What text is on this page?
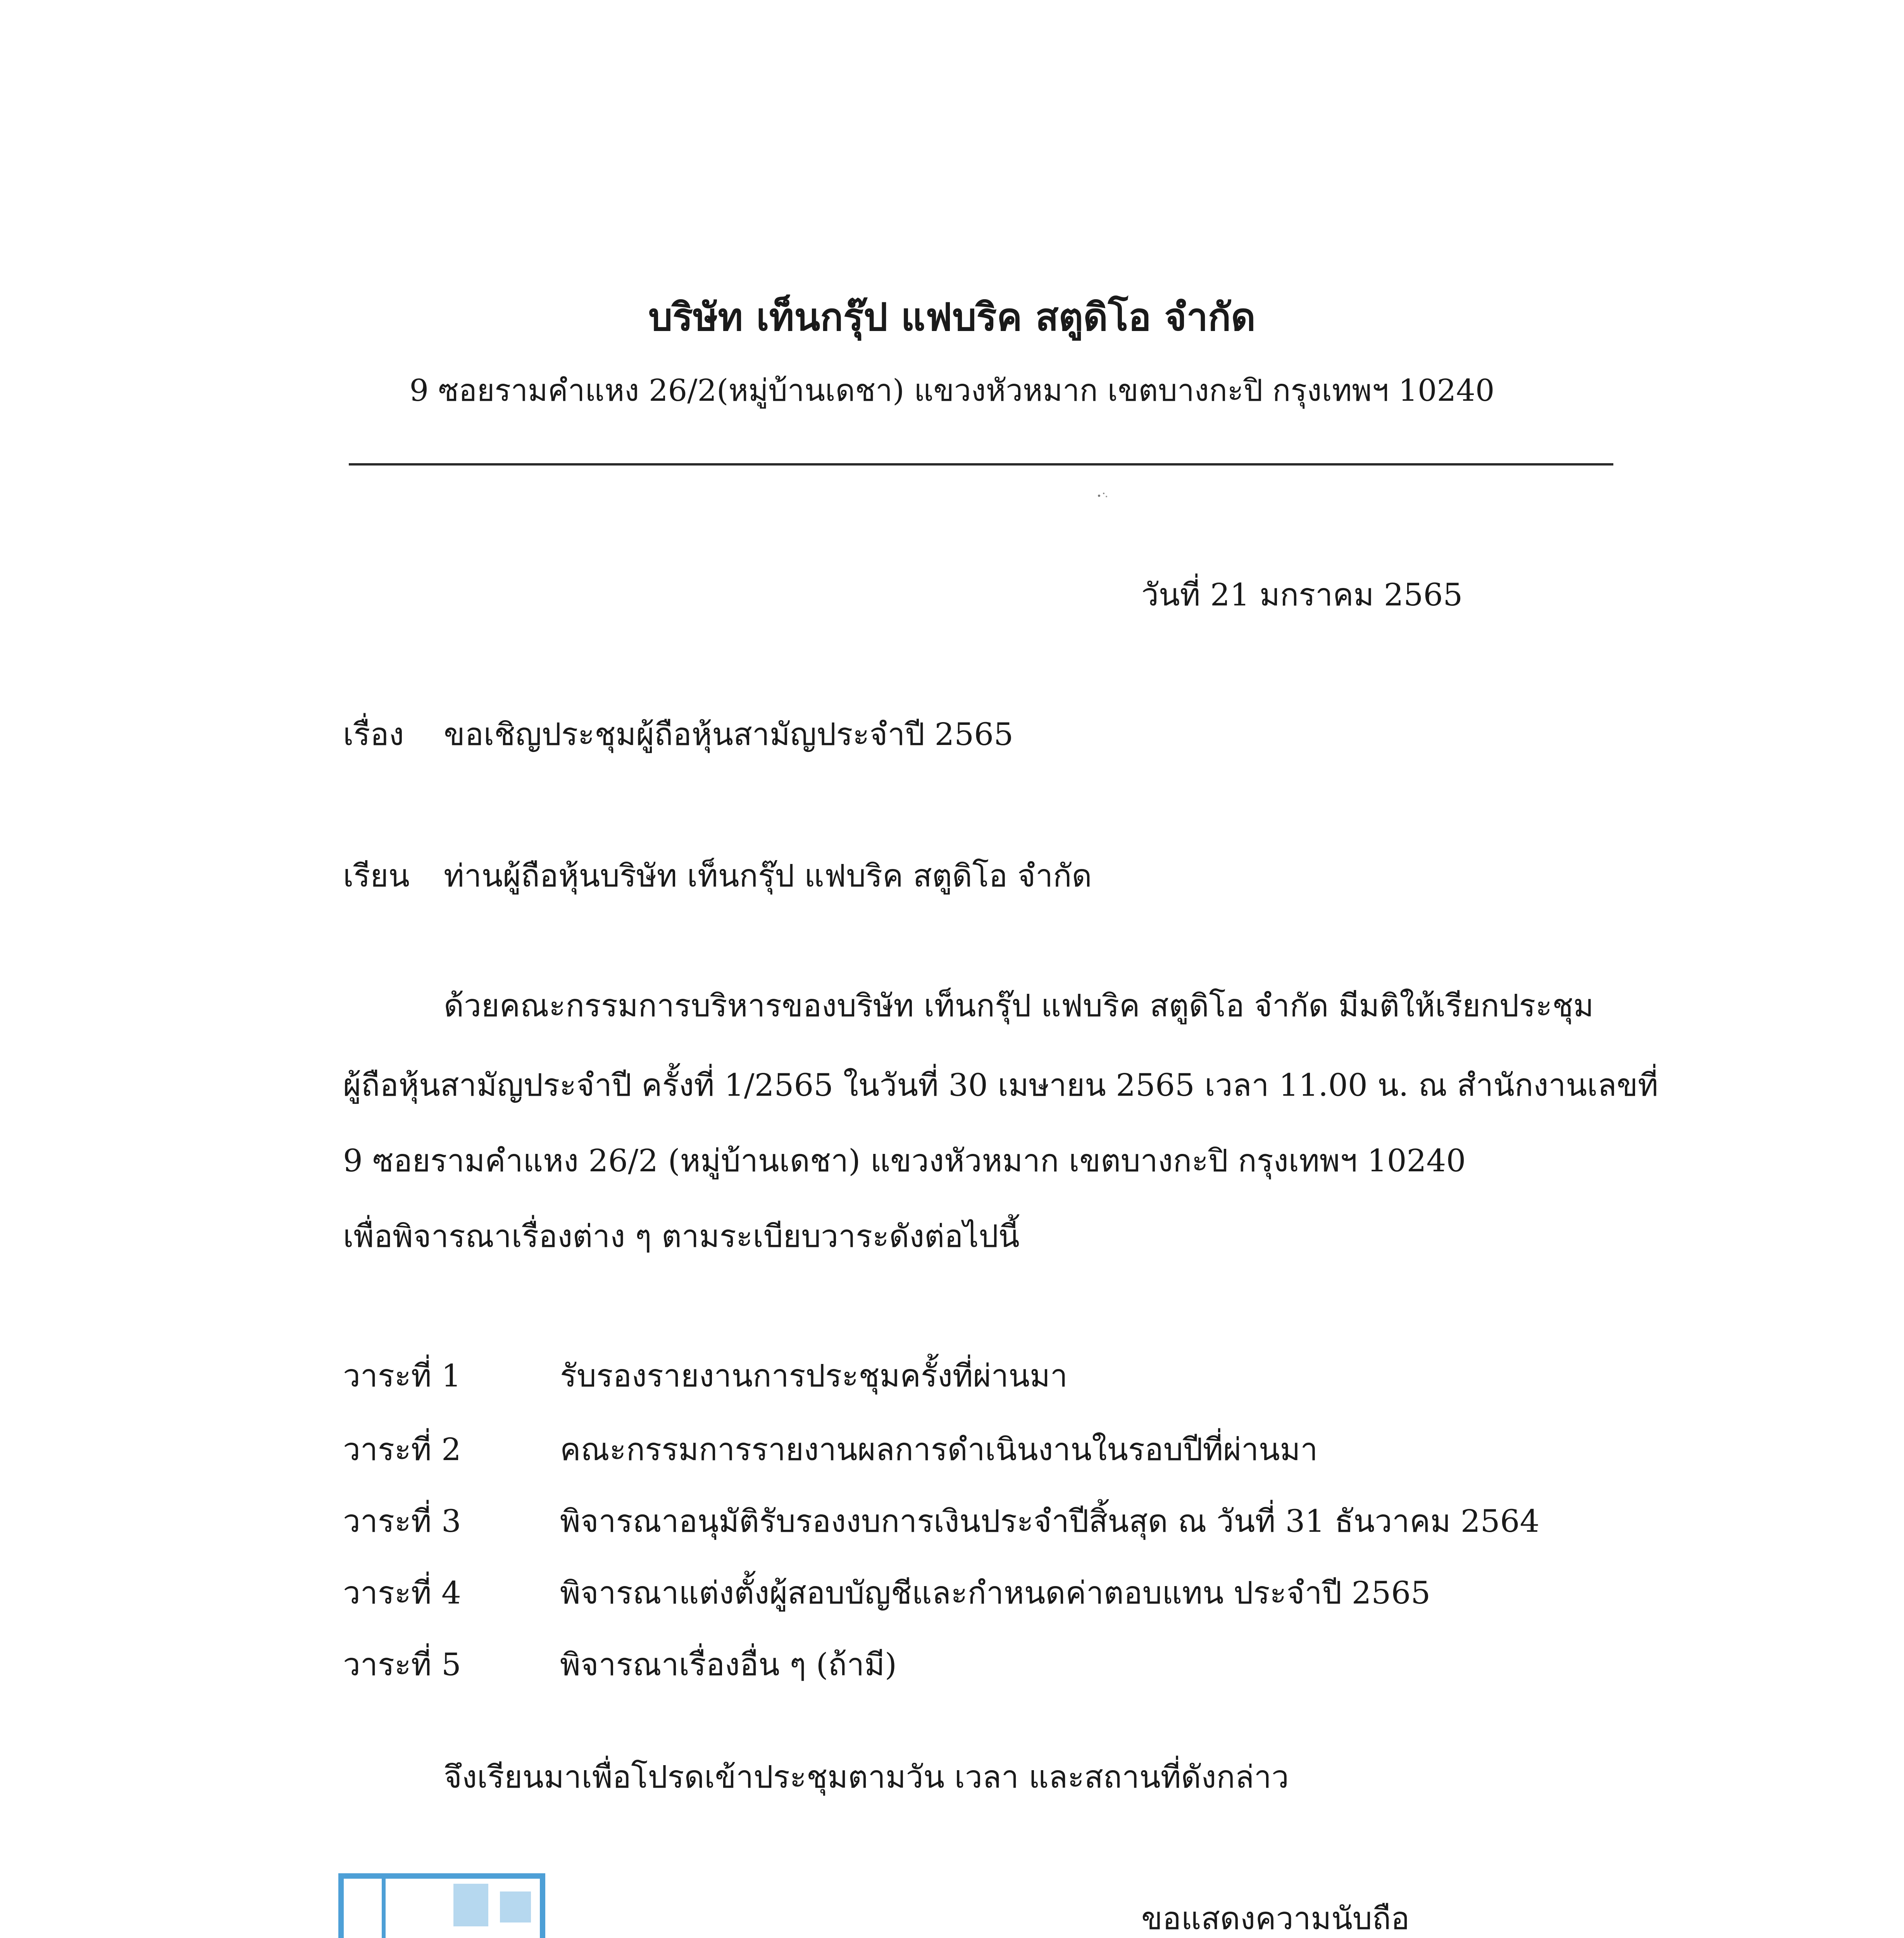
บริษัท เท็นกรุ๊ป แฟบริค สตูดิโอ จำกัด
9 ซอยรามคำแหง 26/2(หมู่บ้านเดชา) แขวงหัวหมาก เขตบางกะปิ กรุงเทพฯ 10240
วันที่ 21 มกราคม 2565
เรื่อง ขอเชิญประชุมผู้ถือหุ้นสามัญประจำปี 2565
เรียน ท่านผู้ถือหุ้นบริษัท เท็นกรุ๊ป แฟบริค สตูดิโอ จำกัด
ด้วยคณะกรรมการบริหารของบริษัท เท็นกรุ๊ป แฟบริค สตูดิโอ จำกัด มีมติให้เรียกประชุม
ผู้ถือหุ้นสามัญประจำปี ครั้งที่ 1/2565 ในวันที่ 30 เมษายน 2565 เวลา 11.00 น. ณ สำนักงานเลขที่
9 ซอยรามคำแหง 26/2 (หมู่บ้านเดชา) แขวงหัวหมาก เขตบางกะปิ กรุงเทพฯ 10240
เพื่อพิจารณาเรื่องต่าง ๆ ตามระเบียบวาระดังต่อไปนี้
วาระที่ 1	รับรองรายงานการประชุมครั้งที่ผ่านมา
วาระที่ 2	คณะกรรมการรายงานผลการดำเนินงานในรอบปีที่ผ่านมา
วาระที่ 3	พิจารณาอนุมัติรับรองงบการเงินประจำปีสิ้นสุด ณ วันที่ 31 ธันวาคม 2564
วาระที่ 4	พิจารณาแต่งตั้งผู้สอบบัญชีและกำหนดค่าตอบแทน ประจำปี 2565
วาระที่ 5	พิจารณาเรื่องอื่น ๆ (ถ้ามี)
จึงเรียนมาเพื่อโปรดเข้าประชุมตามวัน เวลา และสถานที่ดังกล่าว
ขอแสดงความนับถือ
